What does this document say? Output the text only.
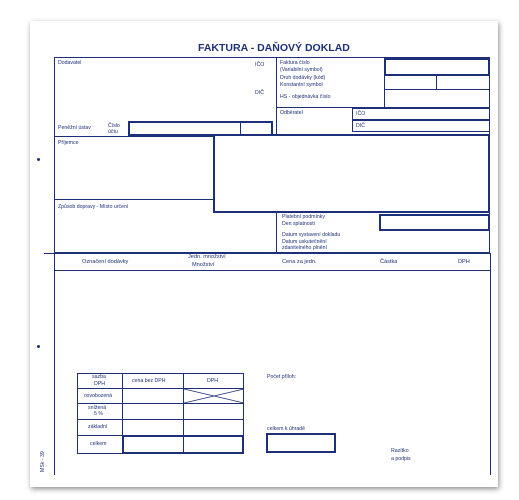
FAKTURA - DAŇOVÝ DOKLAD
Dodavatel	IČO
DIČ
Faktura číslo
(Variabilní symbol)
Druh dodávky (kód)
Konstantní symbol
HS - objednávka číslo
Odběratel	IČO
DIČ
Peněžní ústav	Číslo
účtu
Příjemce
Způsob dopravy - Místo určení
Platební podmínky
Den splatnosti
Datum vystavení dokladu
Datum uskutečnění
zdanitelného plnění
Označení dodávky
Jedn. množství
Množství	Cena za jedn.	Částka	DPH
sazba
DPH	cena bez DPH	DPH
osvobozená
snížená
5 %
základní
celkem
Počet příloh:
celkem k úhradě
Razítko
a podpis
MSk - 39
